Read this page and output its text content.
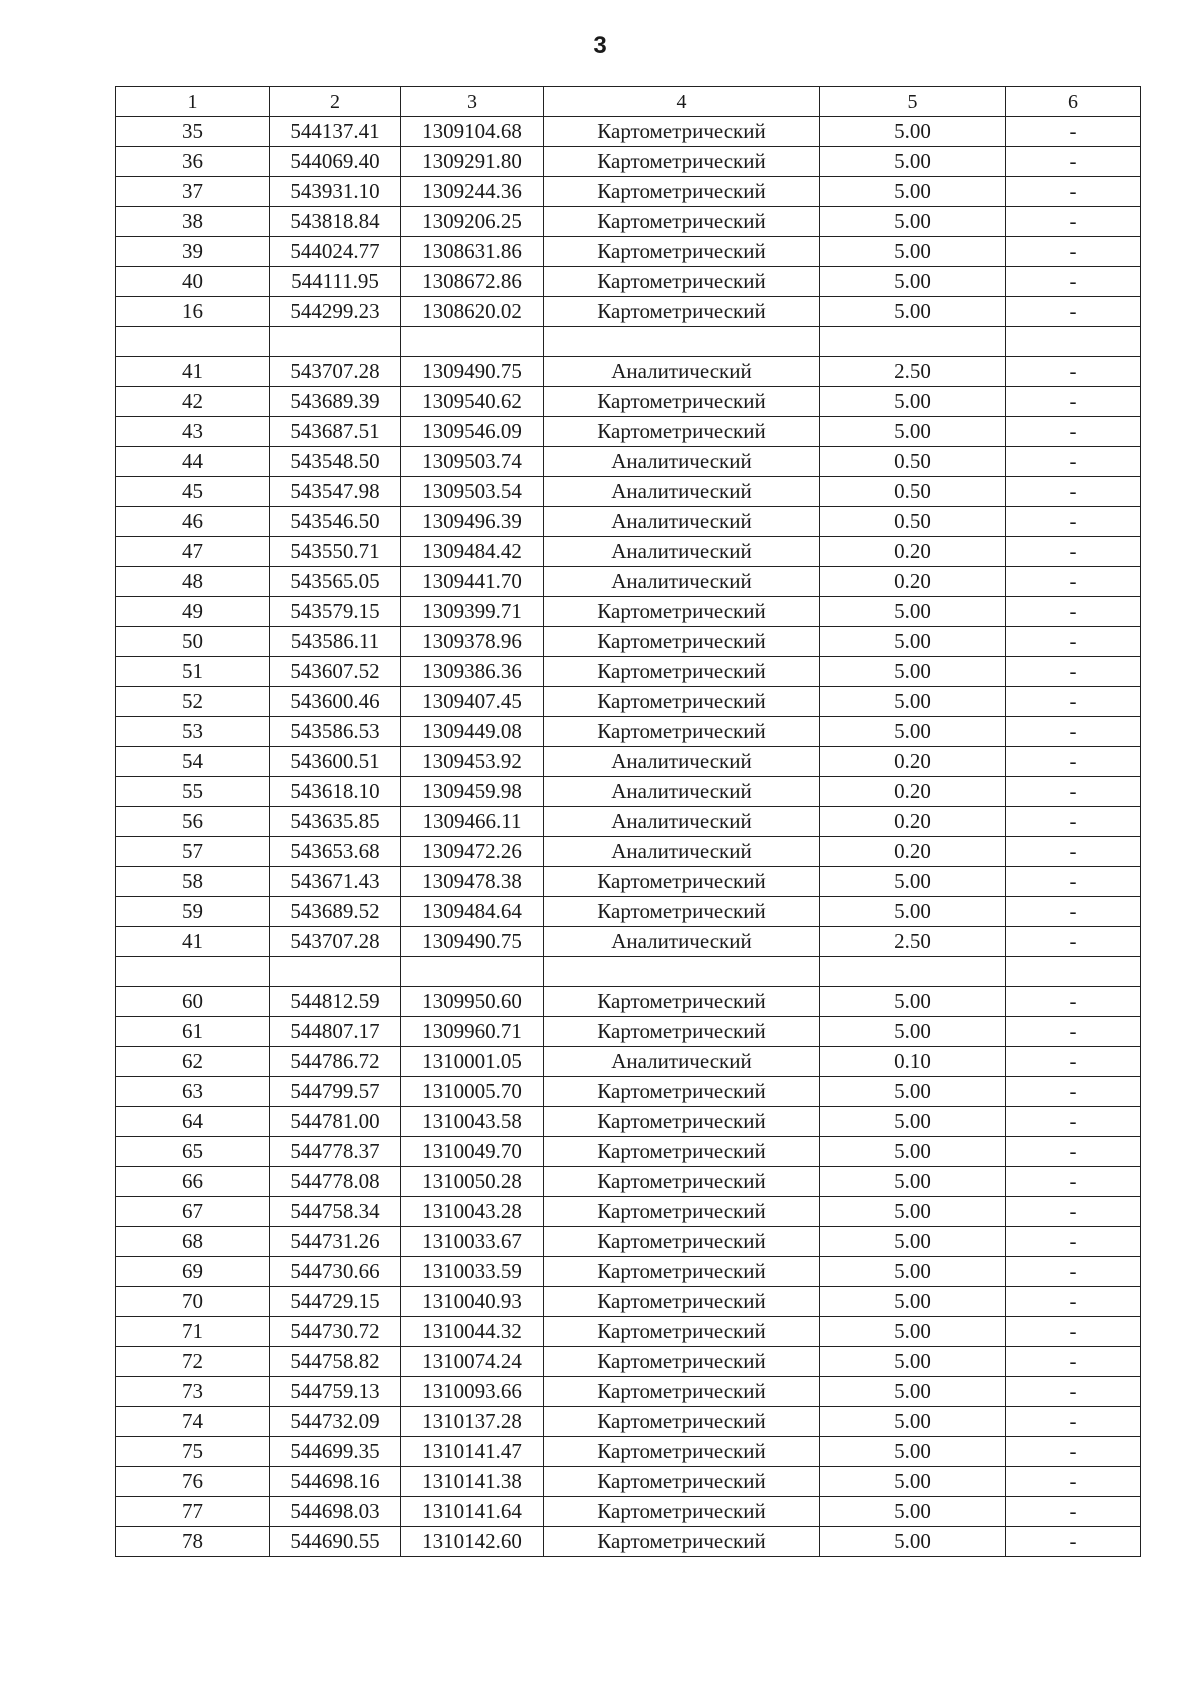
3
1	2	3	4	5	6
35	544137.41	1309104.68	Картометрический	5.00	-
36	544069.40	1309291.80	Картометрический	5.00	-
37	543931.10	1309244.36	Картометрический	5.00	-
38	543818.84	1309206.25	Картометрический	5.00	-
39	544024.77	1308631.86	Картометрический	5.00	-
40	544111.95	1308672.86	Картометрический	5.00	-
16	544299.23	1308620.02	Картометрический	5.00	-

41	543707.28	1309490.75	Аналитический	2.50	-
42	543689.39	1309540.62	Картометрический	5.00	-
43	543687.51	1309546.09	Картометрический	5.00	-
44	543548.50	1309503.74	Аналитический	0.50	-
45	543547.98	1309503.54	Аналитический	0.50	-
46	543546.50	1309496.39	Аналитический	0.50	-
47	543550.71	1309484.42	Аналитический	0.20	-
48	543565.05	1309441.70	Аналитический	0.20	-
49	543579.15	1309399.71	Картометрический	5.00	-
50	543586.11	1309378.96	Картометрический	5.00	-
51	543607.52	1309386.36	Картометрический	5.00	-
52	543600.46	1309407.45	Картометрический	5.00	-
53	543586.53	1309449.08	Картометрический	5.00	-
54	543600.51	1309453.92	Аналитический	0.20	-
55	543618.10	1309459.98	Аналитический	0.20	-
56	543635.85	1309466.11	Аналитический	0.20	-
57	543653.68	1309472.26	Аналитический	0.20	-
58	543671.43	1309478.38	Картометрический	5.00	-
59	543689.52	1309484.64	Картометрический	5.00	-
41	543707.28	1309490.75	Аналитический	2.50	-

60	544812.59	1309950.60	Картометрический	5.00	-
61	544807.17	1309960.71	Картометрический	5.00	-
62	544786.72	1310001.05	Аналитический	0.10	-
63	544799.57	1310005.70	Картометрический	5.00	-
64	544781.00	1310043.58	Картометрический	5.00	-
65	544778.37	1310049.70	Картометрический	5.00	-
66	544778.08	1310050.28	Картометрический	5.00	-
67	544758.34	1310043.28	Картометрический	5.00	-
68	544731.26	1310033.67	Картометрический	5.00	-
69	544730.66	1310033.59	Картометрический	5.00	-
70	544729.15	1310040.93	Картометрический	5.00	-
71	544730.72	1310044.32	Картометрический	5.00	-
72	544758.82	1310074.24	Картометрический	5.00	-
73	544759.13	1310093.66	Картометрический	5.00	-
74	544732.09	1310137.28	Картометрический	5.00	-
75	544699.35	1310141.47	Картометрический	5.00	-
76	544698.16	1310141.38	Картометрический	5.00	-
77	544698.03	1310141.64	Картометрический	5.00	-
78	544690.55	1310142.60	Картометрический	5.00	-
